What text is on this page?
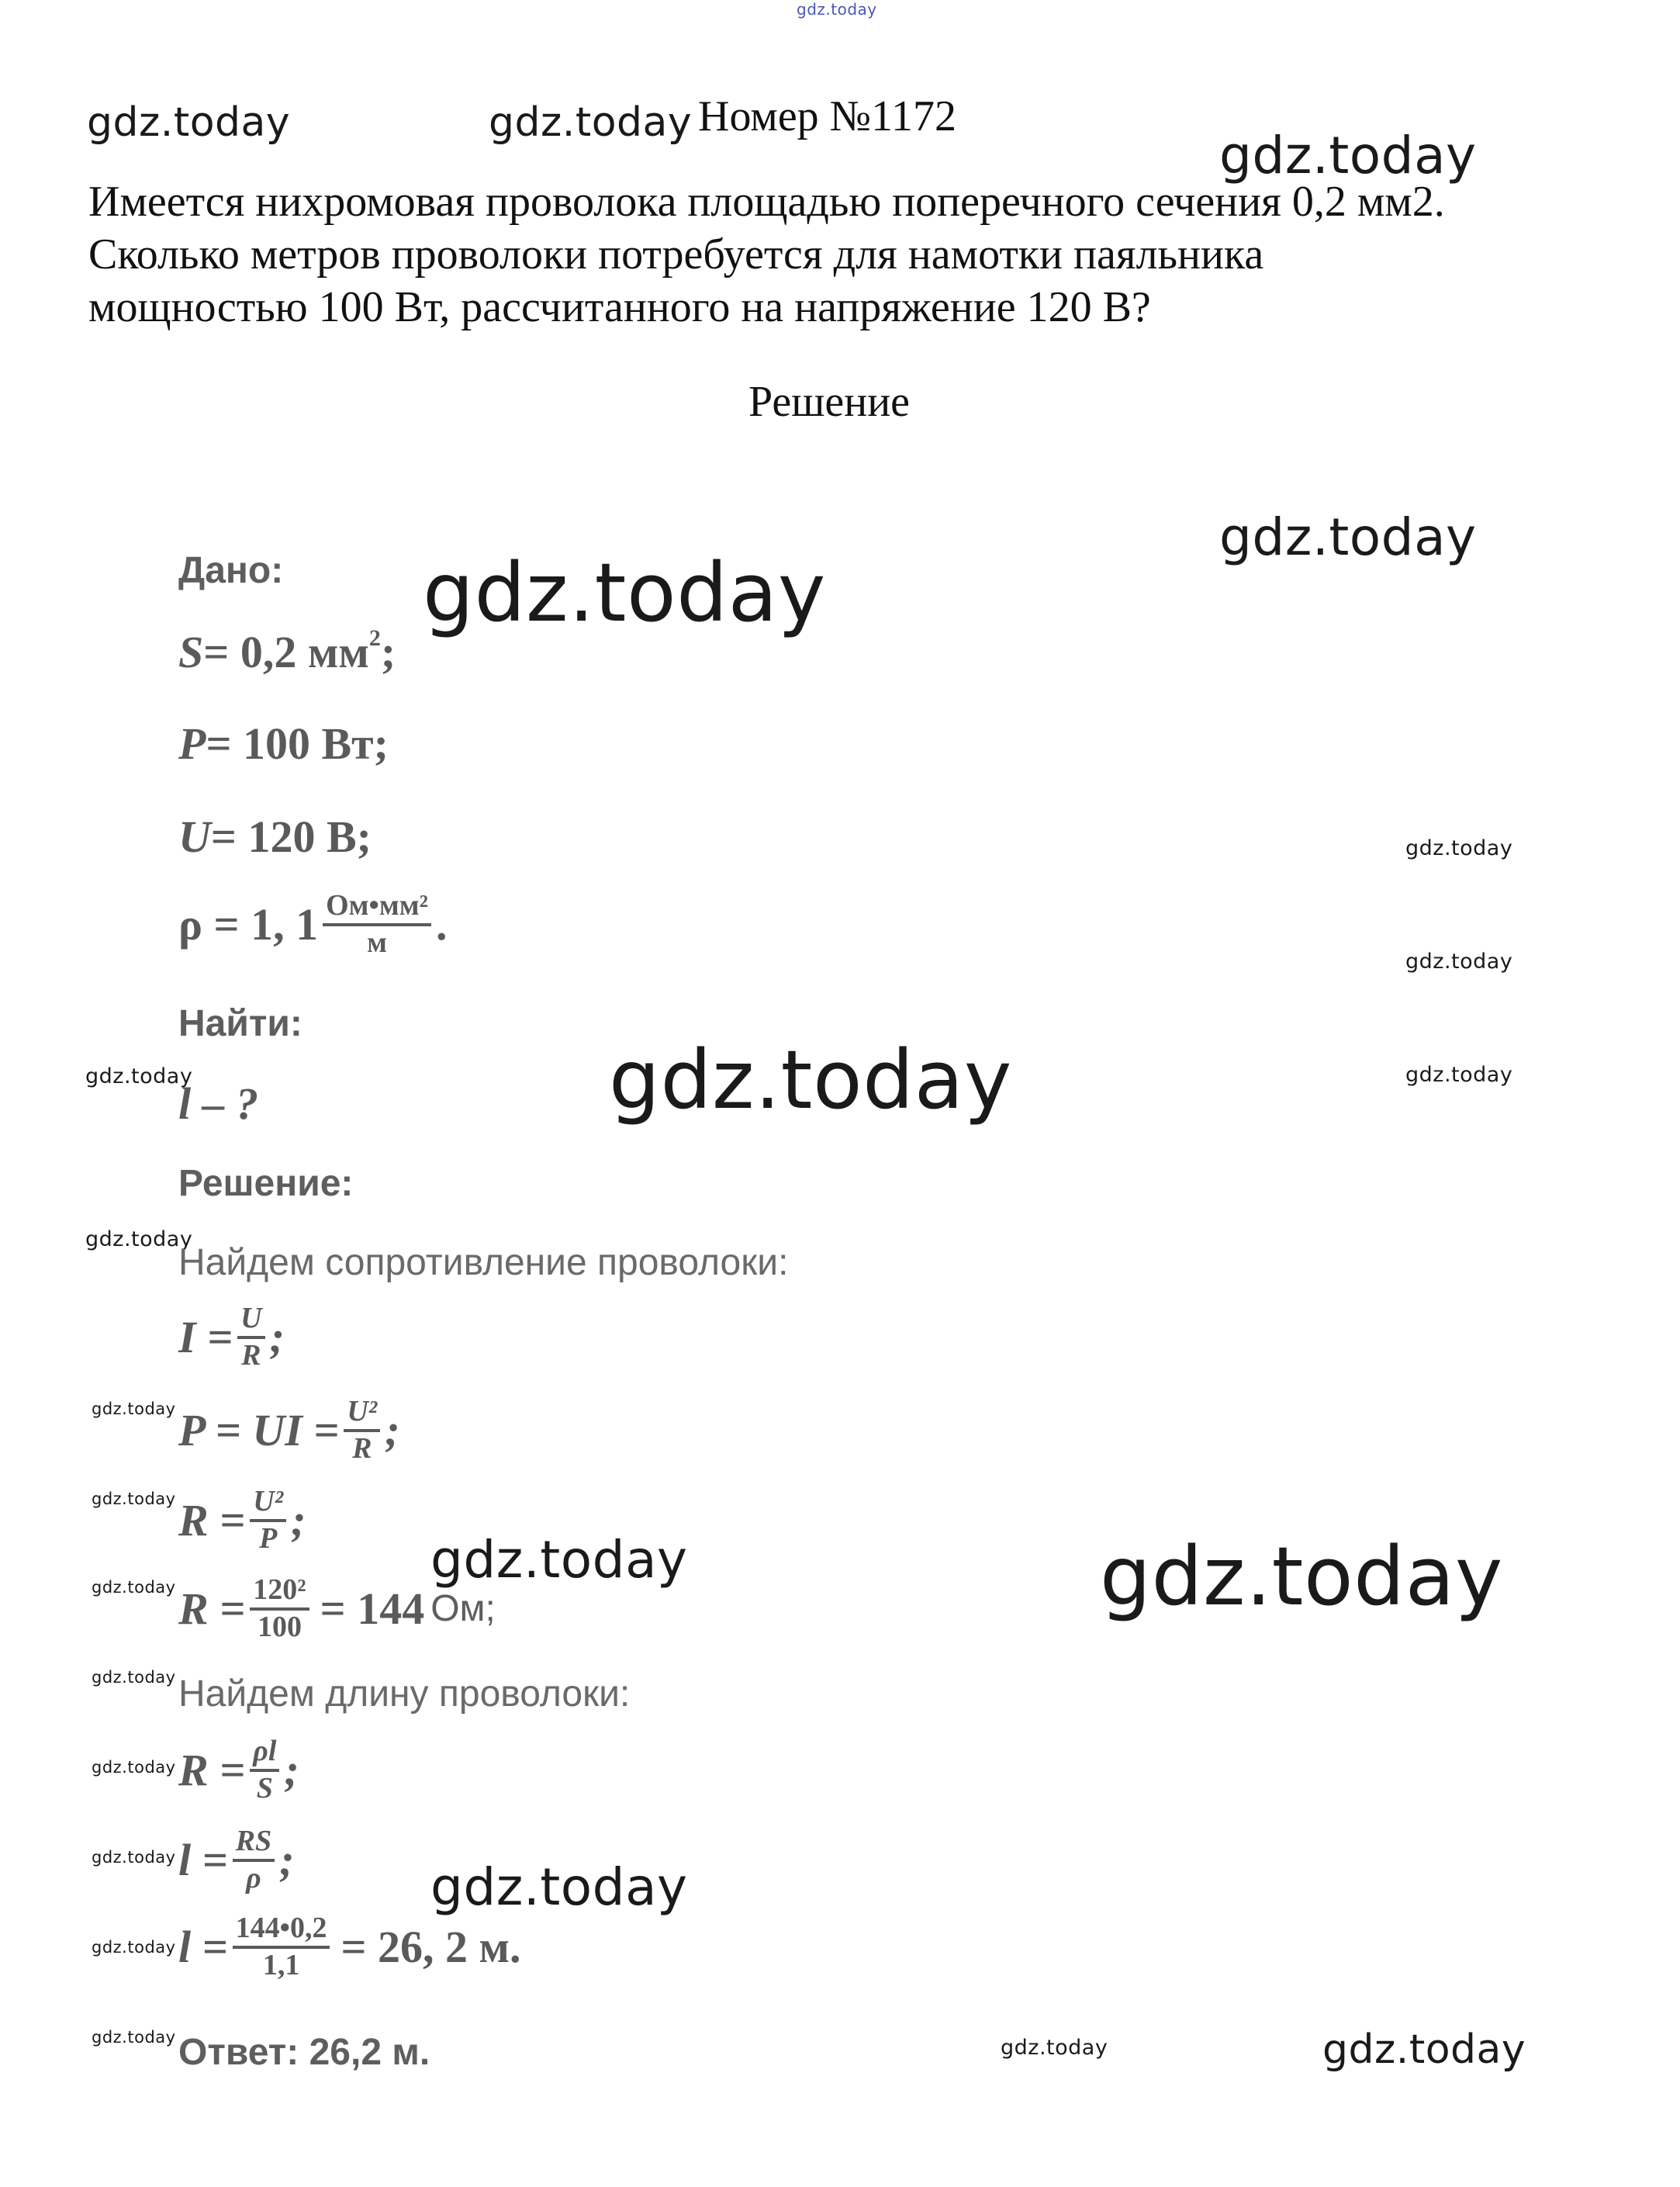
gdz.today
gdz.today	gdz.today
gdz.today
Номер №1172
Имеется нихромовая проволока площадью поперечного сечения 0,2 мм2.
Сколько метров проволоки потребуется для намотки паяльника
мощностью 100 Вт, рассчитанного на напряжение 120 В?
Решение
gdz.today
gdz.today
gdz.today
gdz.today
gdz.today
gdz.today	gdz.today
gdz.today
gdz.today
gdz.today
gdz.today	gdz.today	gdz.today
gdz.today
gdz.today
gdz.today	gdz.today
gdz.today
gdz.today	gdz.today	gdz.today
Дано:
S= 0,2 $мм^2$;
P= 100 Вт;
U= 120 В;
ρ = 1, $1 \frac{\text{Ом•мм²}}{м}$ .
Найти:
l – ?
Решение:
Найдем сопротивление проволоки:
$I = \frac{U}{R}$ ;
P = UI = $\frac{\text{U²}}{R}$ ;
$R = \frac{\text{U²}}{P}$ ;
$R = \frac{\text{120²}}{100} = 144$ Ом;
Найдем длину проволоки:
$R = \frac{\rho l}{S}$ ;
$l = \frac{RS}{\rho}$ ;
$l = \frac{144•0,2}{1,1} = 26$, 2 м.
Ответ: 26,2 м.
